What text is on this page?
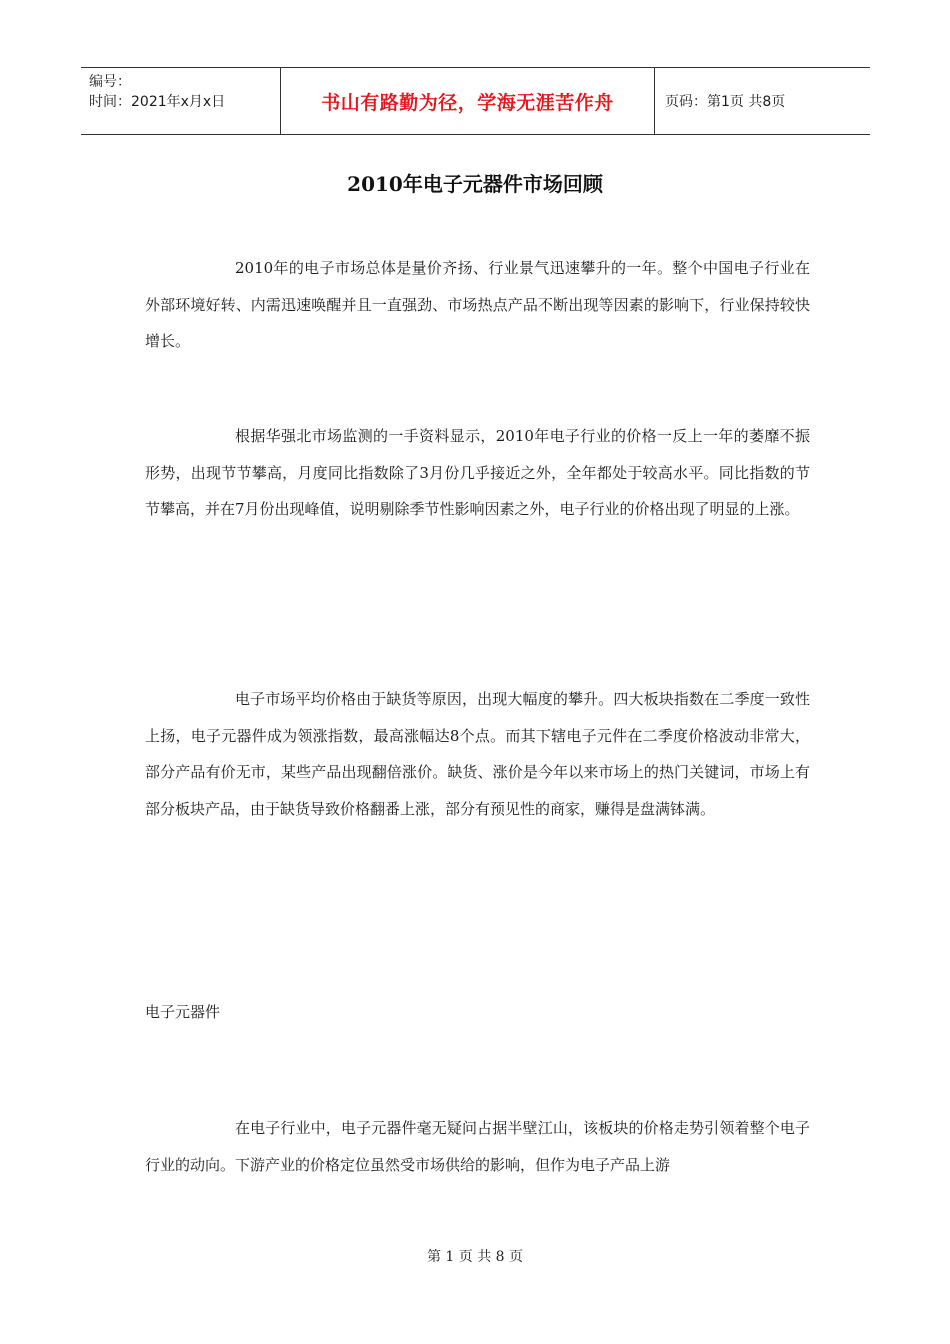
编号：
时间：2021年x月x日	书山有路勤为径，学海无涯苦作舟	页码：第1页 共8页
2010年电子元器件市场回顾

2010年的电子市场总体是量价齐扬、行业景气迅速攀升的一年。整个中国电子行业在外部环境好转、内需迅速唤醒并且一直强劲、市场热点产品不断出现等因素的影响下，行业保持较快增长。

根据华强北市场监测的一手资料显示，2010年电子行业的价格一反上一年的萎靡不振形势，出现节节攀高，月度同比指数除了3月份几乎接近之外，全年都处于较高水平。同比指数的节节攀高，并在7月份出现峰值，说明剔除季节性影响因素之外，电子行业的价格出现了明显的上涨。

电子市场平均价格由于缺货等原因，出现大幅度的攀升。四大板块指数在二季度一致性上扬，电子元器件成为领涨指数，最高涨幅达8个点。而其下辖电子元件在二季度价格波动非常大，部分产品有价无市，某些产品出现翻倍涨价。缺货、涨价是今年以来市场上的热门关键词，市场上有部分板块产品，由于缺货导致价格翻番上涨，部分有预见性的商家，赚得是盘满钵满。

电子元器件

在电子行业中，电子元器件毫无疑问占据半壁江山，该板块的价格走势引领着整个电子行业的动向。下游产业的价格定位虽然受市场供给的影响，但作为电子产品上游

第 1 页 共 8 页
